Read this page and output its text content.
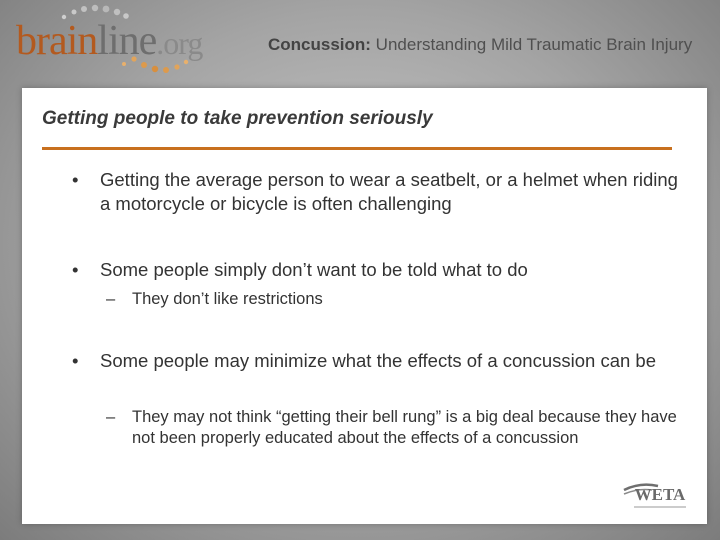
brainline.org	Concussion: Understanding Mild Traumatic Brain Injury
Getting people to take prevention seriously
•	Getting the average person to wear a seatbelt, or a helmet when riding a motorcycle or bicycle is often challenging
•	Some people simply don’t want to be told what to do
– They don’t like restrictions
•	Some people may minimize what the effects of a concussion can be
– They may not think “getting their bell rung” is a big deal because they have not been properly educated about the effects of a concussion
WETA
